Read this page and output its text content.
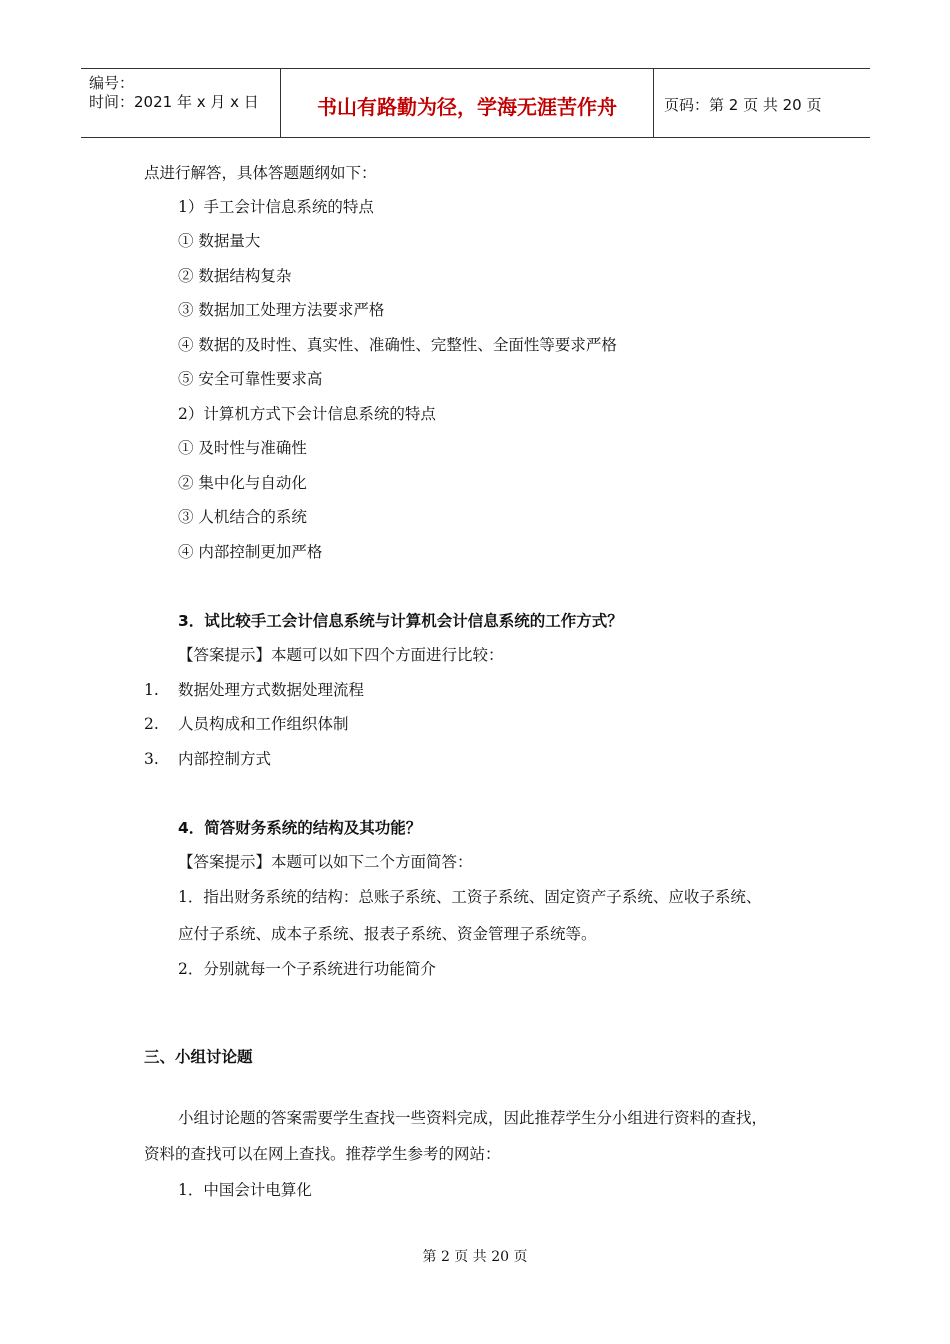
编号：
时间：2021 年 x 月 x 日	书山有路勤为径，学海无涯苦作舟	页码：第 2 页 共 20 页
点进行解答，具体答题题纲如下：
1）手工会计信息系统的特点
① 数据量大
② 数据结构复杂
③ 数据加工处理方法要求严格
④ 数据的及时性、真实性、准确性、完整性、全面性等要求严格
⑤ 安全可靠性要求高
2）计算机方式下会计信息系统的特点
① 及时性与准确性
② 集中化与自动化
③ 人机结合的系统
④ 内部控制更加严格
3．试比较手工会计信息系统与计算机会计信息系统的工作方式？
【答案提示】本题可以如下四个方面进行比较：
1. 数据处理方式数据处理流程
2. 人员构成和工作组织体制
3. 内部控制方式
4．简答财务系统的结构及其功能？
【答案提示】本题可以如下二个方面简答：
1．指出财务系统的结构：总账子系统、工资子系统、固定资产子系统、应收子系统、
应付子系统、成本子系统、报表子系统、资金管理子系统等。
2．分别就每一个子系统进行功能简介
三、小组讨论题
小组讨论题的答案需要学生查找一些资料完成，因此推荐学生分小组进行资料的查找，
资料的查找可以在网上查找。推荐学生参考的网站：
1．中国会计电算化
第 2 页 共 20 页
